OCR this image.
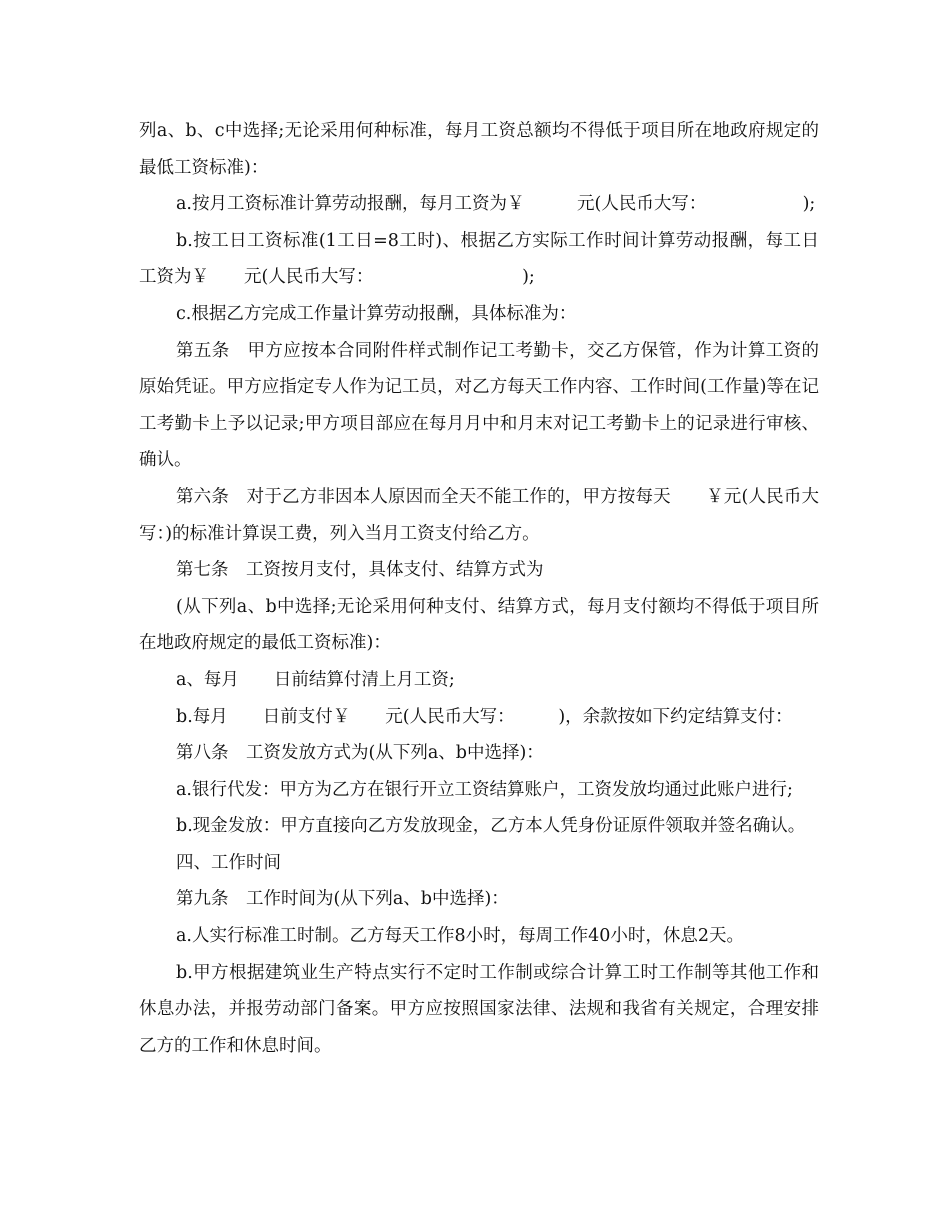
列a、b、c中选择;无论采用何种标准，每月工资总额均不得低于项目所在地政府规定的最低工资标准)：

a.按月工资标准计算劳动报酬，每月工资为￥　　　元(人民币大写：　　　　　　);

b.按工日工资标准(1工日=8工时)、根据乙方实际工作时间计算劳动报酬，每工日工资为￥　　元(人民币大写：　　　　　　　　　);

c.根据乙方完成工作量计算劳动报酬，具体标准为：

第五条　甲方应按本合同附件样式制作记工考勤卡，交乙方保管，作为计算工资的原始凭证。甲方应指定专人作为记工员，对乙方每天工作内容、工作时间(工作量)等在记工考勤卡上予以记录;甲方项目部应在每月月中和月末对记工考勤卡上的记录进行审核、确认。

第六条　对于乙方非因本人原因而全天不能工作的，甲方按每天　　￥元(人民币大写：)的标准计算误工费，列入当月工资支付给乙方。

第七条　工资按月支付，具体支付、结算方式为

(从下列a、b中选择;无论采用何种支付、结算方式，每月支付额均不得低于项目所在地政府规定的最低工资标准)：

a、每月　　日前结算付清上月工资;

b.每月　　日前支付￥　　元(人民币大写：　　　)，余款按如下约定结算支付：

第八条　工资发放方式为(从下列a、b中选择)：

a.银行代发：甲方为乙方在银行开立工资结算账户，工资发放均通过此账户进行;

b.现金发放：甲方直接向乙方发放现金，乙方本人凭身份证原件领取并签名确认。

四、工作时间

第九条　工作时间为(从下列a、b中选择)：

a.人实行标准工时制。乙方每天工作8小时，每周工作40小时，休息2天。

b.甲方根据建筑业生产特点实行不定时工作制或综合计算工时工作制等其他工作和休息办法，并报劳动部门备案。甲方应按照国家法律、法规和我省有关规定，合理安排乙方的工作和休息时间。
